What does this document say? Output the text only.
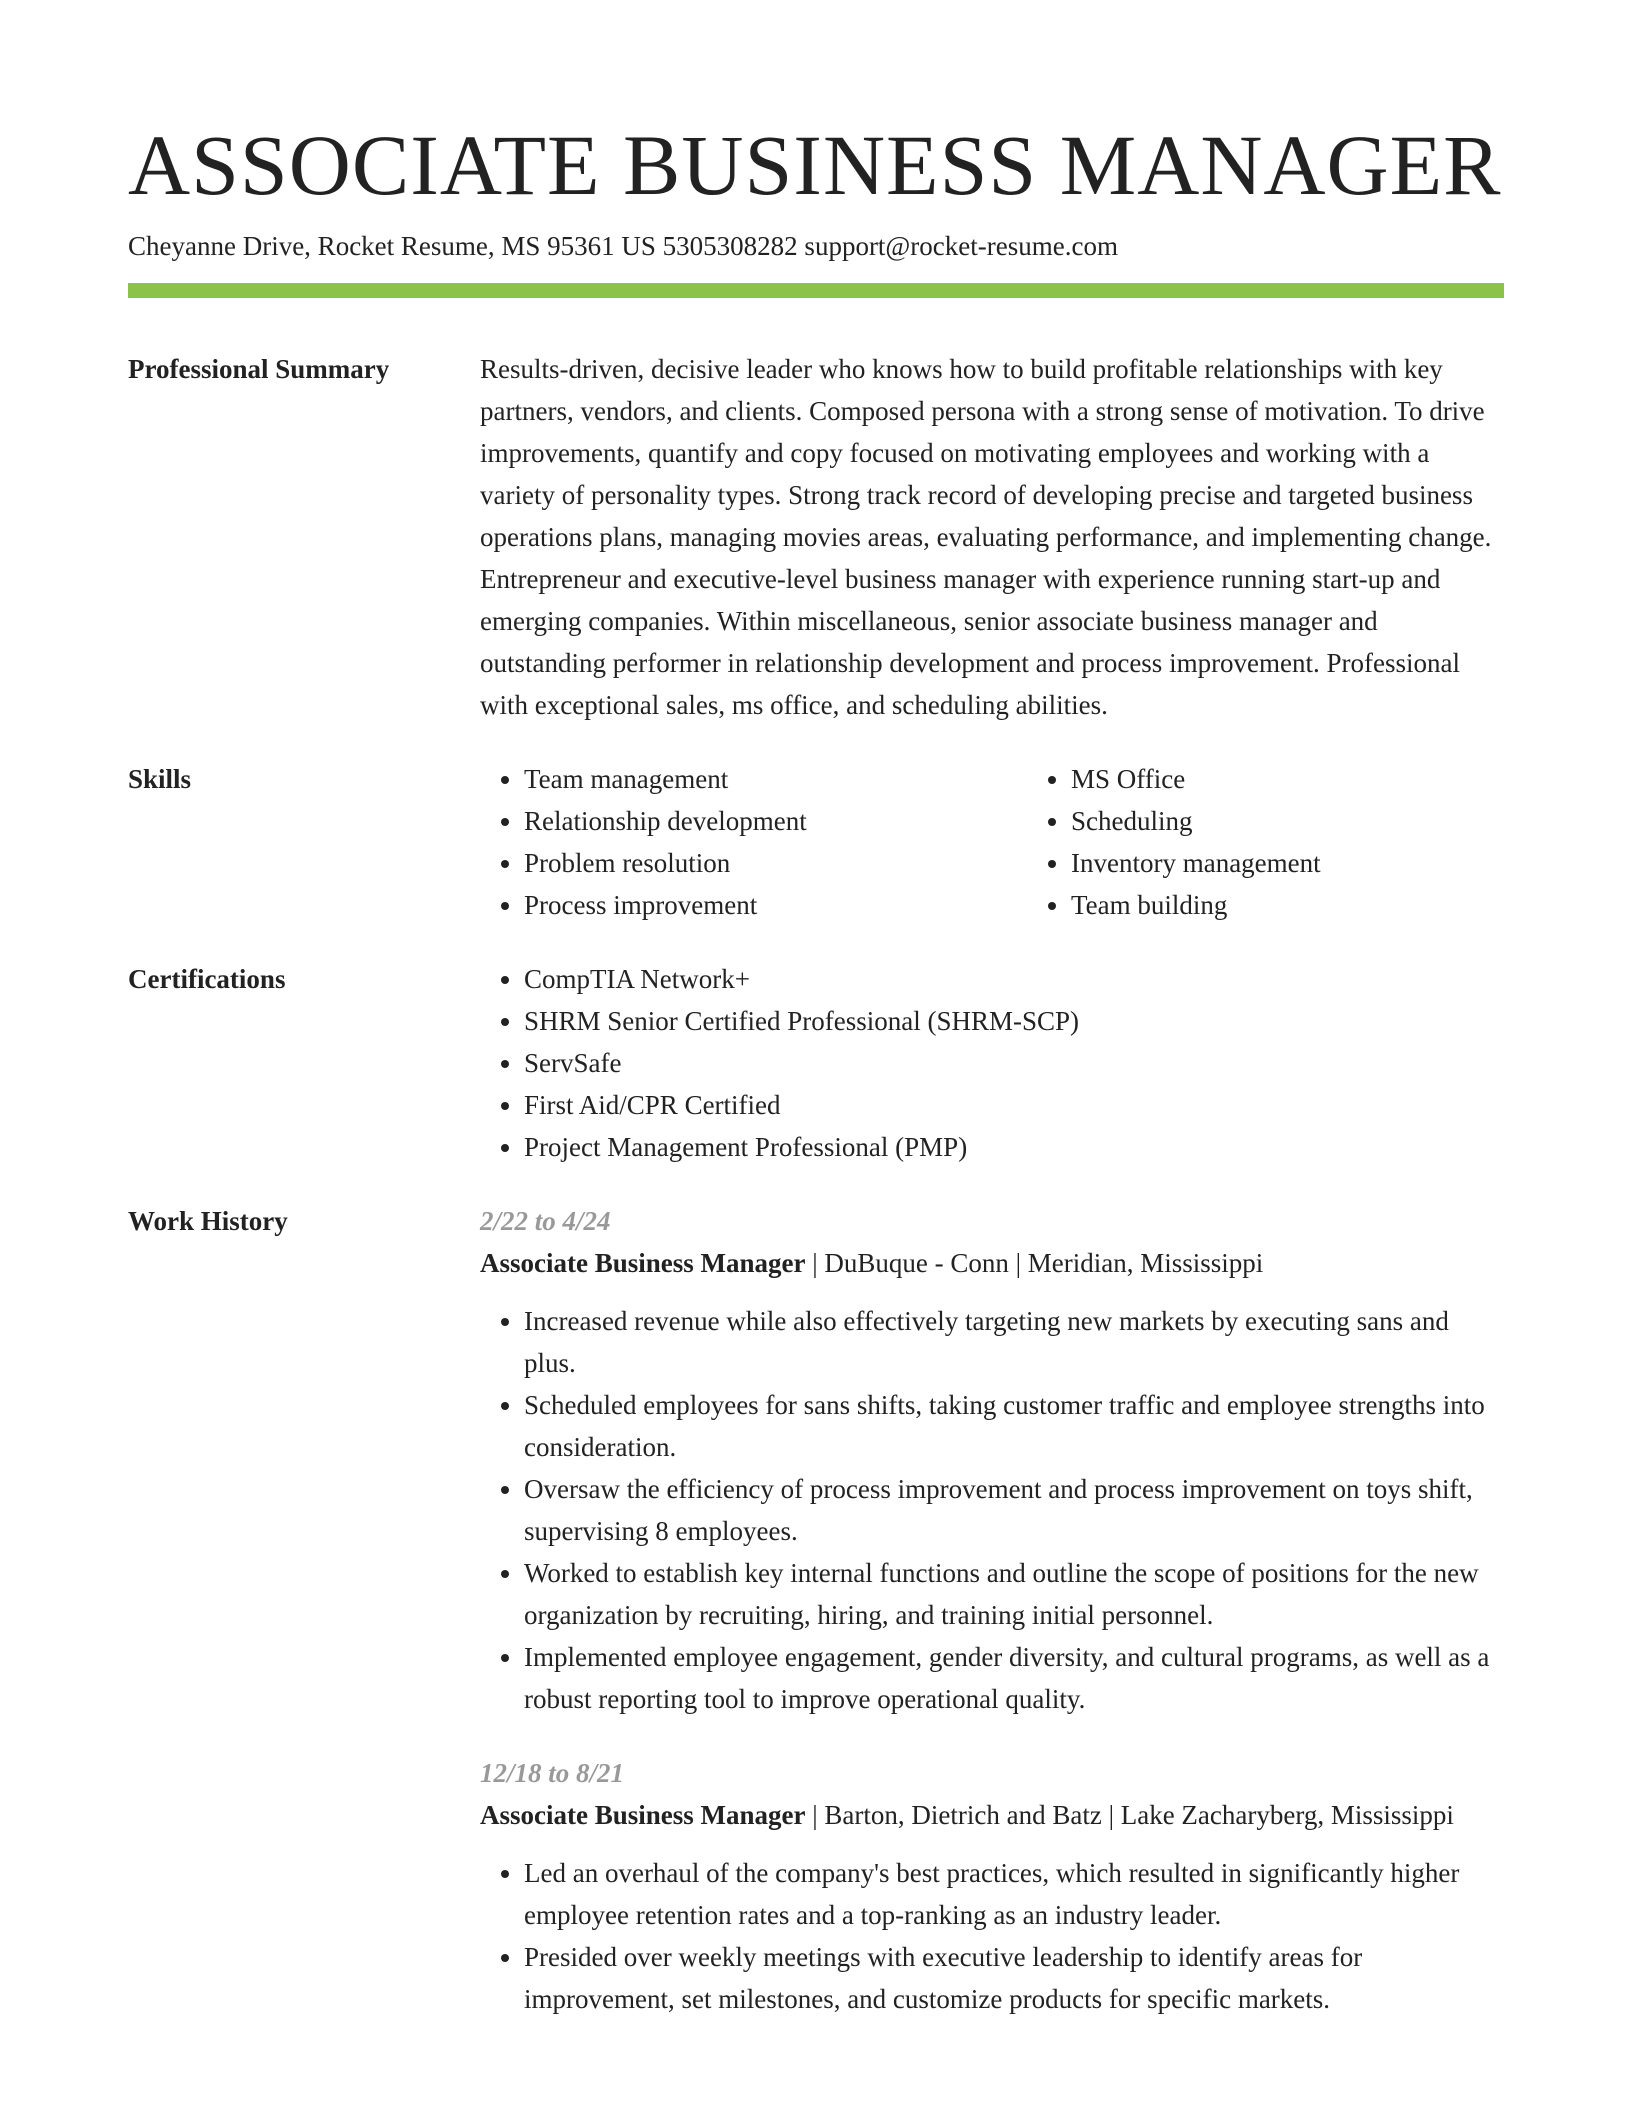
ASSOCIATE BUSINESS MANAGER
Cheyanne Drive, Rocket Resume, MS 95361 US 5305308282 support@rocket-resume.com
Professional Summary	Results-driven, decisive leader who knows how to build profitable relationships with key partners, vendors, and clients. Composed persona with a strong sense of motivation. To drive improvements, quantify and copy focused on motivating employees and working with a variety of personality types. Strong track record of developing precise and targeted business operations plans, managing movies areas, evaluating performance, and implementing change. Entrepreneur and executive-level business manager with experience running start-up and emerging companies. Within miscellaneous, senior associate business manager and outstanding performer in relationship development and process improvement. Professional with exceptional sales, ms office, and scheduling abilities.

Skills	• Team management
• Relationship development
• Problem resolution
• Process improvement
• MS Office
• Scheduling
• Inventory management
• Team building
Certifications	• CompTIA Network+
• SHRM Senior Certified Professional (SHRM-SCP)
• ServSafe
• First Aid/CPR Certified
• Project Management Professional (PMP)
Work History	2/22 to 4/24
Associate Business Manager | DuBuque - Conn | Meridian, Mississippi
• Increased revenue while also effectively targeting new markets by executing sans and plus.
• Scheduled employees for sans shifts, taking customer traffic and employee strengths into consideration.
• Oversaw the efficiency of process improvement and process improvement on toys shift, supervising 8 employees.
• Worked to establish key internal functions and outline the scope of positions for the new organization by recruiting, hiring, and training initial personnel.
• Implemented employee engagement, gender diversity, and cultural programs, as well as a robust reporting tool to improve operational quality.
12/18 to 8/21
Associate Business Manager | Barton, Dietrich and Batz | Lake Zacharyberg, Mississippi
• Led an overhaul of the company's best practices, which resulted in significantly higher employee retention rates and a top-ranking as an industry leader.
• Presided over weekly meetings with executive leadership to identify areas for improvement, set milestones, and customize products for specific markets.
